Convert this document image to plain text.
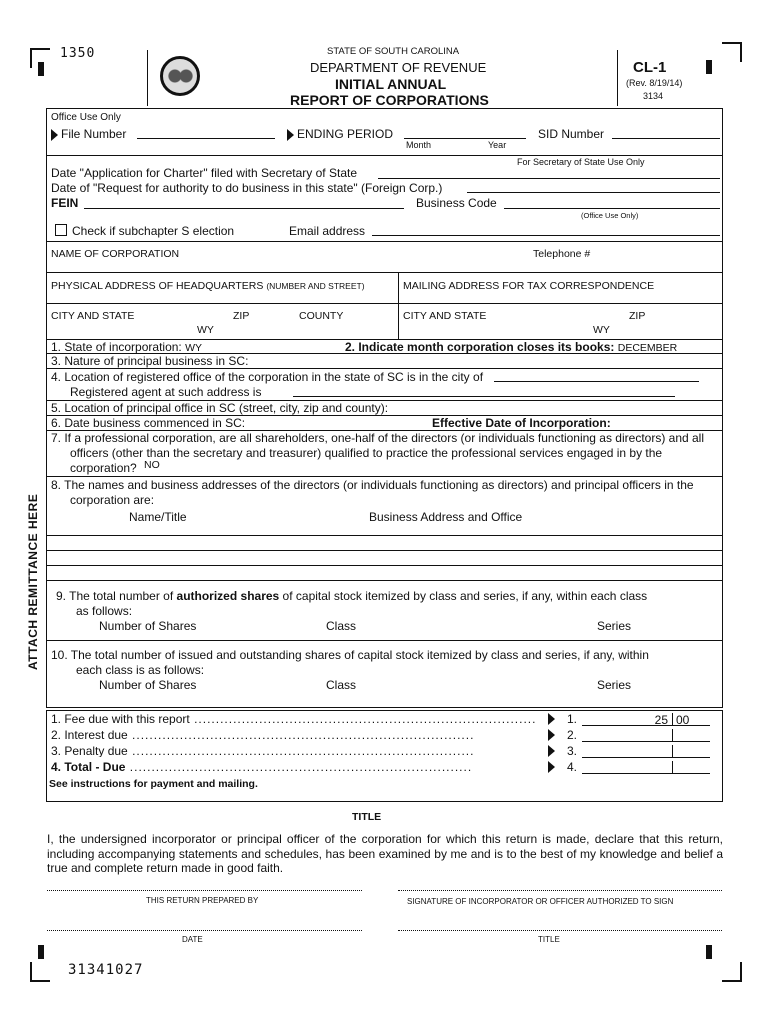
1350	STATE OF SOUTH CAROLINA
DEPARTMENT OF REVENUE
INITIAL ANNUAL
REPORT OF CORPORATIONS
CL-1
(Rev. 8/19/14)
3134
Office Use Only
File Number	ENDING PERIOD
Month	Year
SID Number
For Secretary of State Use Only
Date "Application for Charter" filed with Secretary of State
Date of "Request for authority to do business in this state" (Foreign Corp.)
FEIN	Business Code
(Office Use Only)
Check if subchapter S election	Email address
NAME OF CORPORATION	Telephone #
PHYSICAL ADDRESS OF HEADQUARTERS (NUMBER AND STREET)	MAILING ADDRESS FOR TAX CORRESPONDENCE
CITY AND STATE	ZIP	COUNTY	CITY AND STATE	ZIP
WY	WY
1. State of incorporation: WY	2. Indicate month corporation closes its books: DECEMBER
3. Nature of principal business in SC:
4. Location of registered office of the corporation in the state of SC is in the city of
Registered agent at such address is
5. Location of principal office in SC (street, city, zip and county):
6. Date business commenced in SC:	Effective Date of Incorporation:
7. If a professional corporation, are all shareholders, one-half of the directors (or individuals functioning as directors) and all
officers (other than the secretary and treasurer) qualified to practice the professional services engaged in by the
corporation? NO
8. The names and business addresses of the directors (or individuals functioning as directors) and principal officers in the
corporation are:
Name/Title	Business Address and Office
9. The total number of authorized shares of capital stock itemized by class and series, if any, within each class
as follows:
Number of Shares	Class	Series
10. The total number of issued and outstanding shares of capital stock itemized by class and series, if any, within
each class is as follows:
Number of Shares	Class	Series
ATTACH REMITTANCE HERE
1. Fee due with this report ...............................................................................	1.	25 00
2. Interest due ...............................................................................	2.
3. Penalty due ...............................................................................	3.
4. Total - Due ...............................................................................	4.
See instructions for payment and mailing.
TITLE
I, the undersigned incorporator or principal officer of the corporation for which this return is made, declare that this return, including accompanying statements and schedules, has been examined by me and is to the best of my knowledge and belief a true and complete return made in good faith.
THIS RETURN PREPARED BY	SIGNATURE OF INCORPORATOR OR OFFICER AUTHORIZED TO SIGN
DATE	TITLE
31341027
